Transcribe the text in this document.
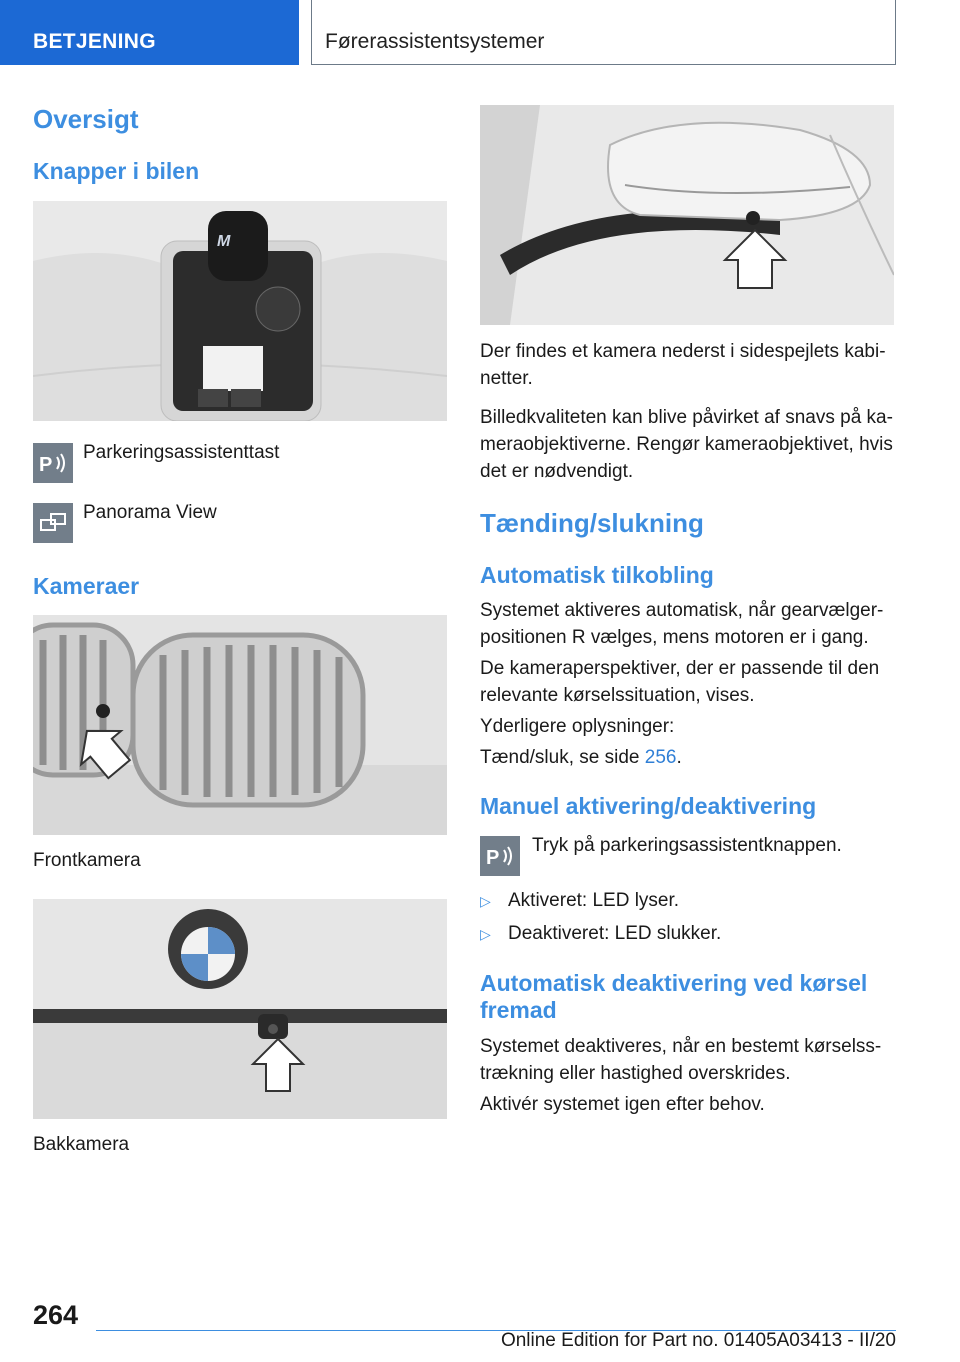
BETJENING	Førerassistentsystemer
Oversigt
Knapper i bilen
M
P
Parkeringsassistenttast
Panorama View
Kameraer
Frontkamera
Bakkamera
Der findes et kamera nederst i sidespejlets kabi-
netter.
Billedkvaliteten kan blive påvirket af snavs på ka-
meraobjektiverne. Rengør kameraobjektivet, hvis
det er nødvendigt.
Tænding/slukning
Automatisk tilkobling
Systemet aktiveres automatisk, når gearvælger-
positionen R vælges, mens motoren er i gang.
De kameraperspektiver, der er passende til den
relevante kørselssituation, vises.
Yderligere oplysninger:
Tænd/sluk, se side 256.
Manuel aktivering/deaktivering
P
Tryk på parkeringsassistentknappen.
▷ Aktiveret: LED lyser.
▷ Deaktiveret: LED slukker.
Automatisk deaktivering ved kørsel
fremad
Systemet deaktiveres, når en bestemt kørselss-
trækning eller hastighed overskrides.
Aktivér systemet igen efter behov.
264
Online Edition for Part no. 01405A03413 - II/20
